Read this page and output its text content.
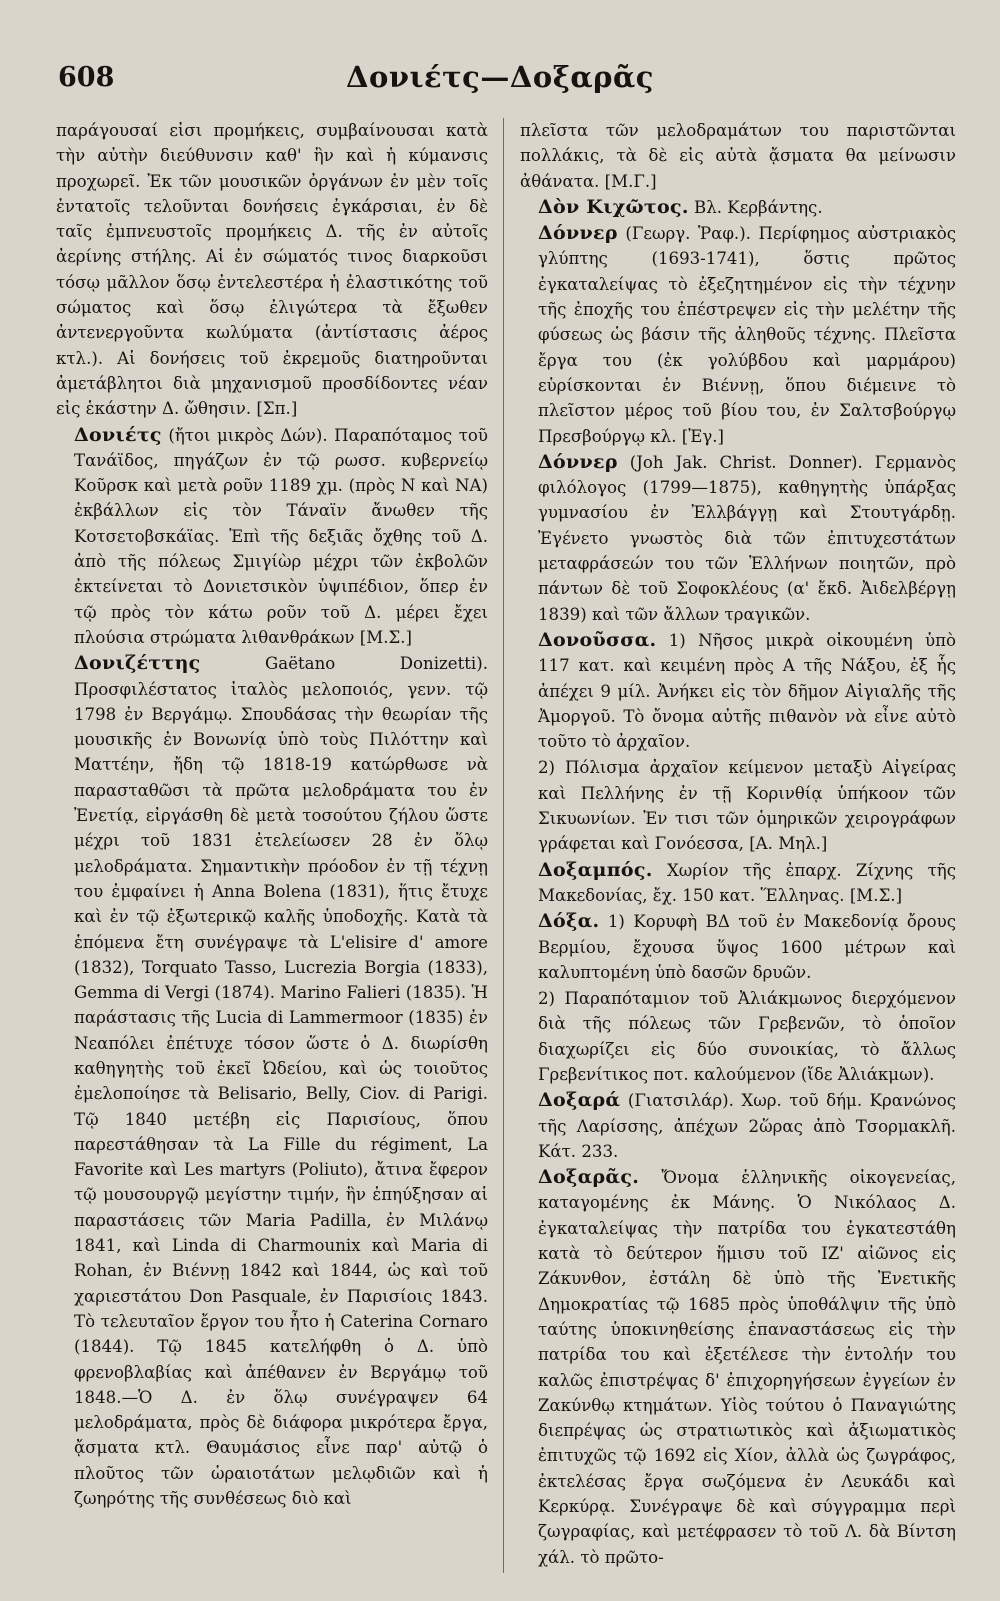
608	Δονιέτς—Δοξαρᾶς

παράγουσαί εἰσι προμήκεις, συμβαίνουσαι κατὰ τὴν αὐτὴν διεύθυνσιν καθ' ἣν καὶ ἡ κύμανσις προχωρεῖ. Ἐκ τῶν μουσικῶν ὀργάνων ἐν μὲν τοῖς ἐντατοῖς τελοῦνται δονήσεις ἐγκάρσιαι, ἐν δὲ ταῖς ἐμπνευστοῖς προμήκεις Δ. τῆς ἐν αὐτοῖς ἀερίνης στήλης. Αἱ ἐν σώματός τινος διαρκοῦσι τόσῳ μᾶλλον ὅσῳ ἐντελεστέρα ἡ ἐλαστικότης τοῦ σώματος καὶ ὅσῳ ἐλιγώτερα τὰ ἔξωθεν ἀντενεργοῦντα κωλύματα (ἀντίστασις ἀέρος κτλ.). Αἱ δονήσεις τοῦ ἐκρεμοῦς διατηροῦνται ἀμετάβλητοι διὰ μηχανισμοῦ προσδίδοντες νέαν εἰς ἑκάστην Δ. ὤθησιν. [Σπ.]

Δονιέτς (ἤτοι μικρὸς Δών). Παραπόταμος τοῦ Τανάϊδος, πηγάζων ἐν τῷ ρωσσ. κυβερνείῳ Κοῦρσκ καὶ μετὰ ροῦν 1189 χμ. (πρὸς Ν καὶ ΝΑ) ἐκβάλλων εἰς τὸν Τάναϊν ἄνωθεν τῆς Κοτσετοβσκάϊας. Ἐπὶ τῆς δεξιᾶς ὄχθης τοῦ Δ. ἀπὸ τῆς πόλεως Σμιγίὼρ μέχρι τῶν ἐκβολῶν ἐκτείνεται τὸ Δονιετσικὸν ὑψιπέδιον, ὅπερ ἐν τῷ πρὸς τὸν κάτω ροῦν τοῦ Δ. μέρει ἔχει πλούσια στρώματα λιθανθράκων [Μ.Σ.]

Δονιζέττης	Gaëtano Donizetti). Προσφιλέστατος ἰταλὸς μελοποιός, γενν. τῷ 1798 ἐν Βεργάμῳ. Σπουδάσας τὴν θεωρίαν τῆς μουσικῆς ἐν Βονωνίᾳ ὑπὸ τοὺς Πιλόττην καὶ Ματτέην, ἤδη τῷ 1818-19 κατώρθωσε νὰ παρασταθῶσι τὰ πρῶτα μελοδράματα του ἐν Ἐνετίᾳ, εἰργάσθη δὲ μετὰ τοσούτου ζήλου ὥστε μέχρι τοῦ 1831 ἐτελείωσεν 28 ἐν ὅλῳ μελοδράματα. Σημαντικὴν πρόοδον ἐν τῇ τέχνῃ του ἐμφαίνει ἡ Anna Bolena (1831), ἥτις ἔτυχε καὶ ἐν τῷ ἐξωτερικῷ καλῆς ὑποδοχῆς. Κατὰ τὰ ἑπόμενα ἔτη συνέγραψε τὰ L'elisire d' amore (1832), Torquato Tasso, Lucrezia Borgia (1833), Gemma di Vergi (1874). Marino Falieri (1835). Ἡ παράστασις τῆς Lucia di Lammermoor (1835) ἐν Νεαπόλει ἐπέτυχε τόσον ὥστε ὁ Δ. διωρίσθη καθηγητὴς τοῦ ἐκεῖ Ὠδείου, καὶ ὡς τοιοῦτος ἐμελοποίησε τὰ Belisario, Belly, Ciov. di Parigi. Τῷ 1840 μετέβη εἰς Παρισίους, ὅπου παρεστάθησαν τὰ La Fille du régiment, La Favorite καὶ Les martyrs (Poliuto), ἄτινα ἔφερον τῷ μουσουργῷ μεγίστην τιμήν, ἣν ἐπηύξησαν αἱ παραστάσεις τῶν Maria Padilla, ἐν Μιλάνῳ 1841, καὶ Linda di Charmounix καὶ Maria di Rohan, ἐν Βιέννῃ 1842 καὶ 1844, ὡς καὶ τοῦ χαριεστάτου Don Pasquale, ἐν Παρισίοις 1843. Τὸ τελευταῖον ἔργον του ἦτο ἡ Caterina Cornaro (1844). Τῷ 1845 κατελήφθη ὁ Δ. ὑπὸ φρενοβλαβίας καὶ ἀπέθανεν ἐν Βεργάμῳ τοῦ 1848.—Ὁ Δ. ἐν ὅλῳ συνέγραψεν 64 μελοδράματα, πρὸς δὲ διάφορα μικρότερα ἔργα, ᾄσματα κτλ. Θαυμάσιος εἶνε παρ' αὐτῷ ὁ πλοῦτος τῶν ὡραιοτάτων μελῳδιῶν καὶ ἡ ζωηρότης τῆς συνθέσεως διὸ καὶ

πλεῖστα τῶν μελοδραμάτων του παριστῶνται πολλάκις, τὰ δὲ εἰς αὐτὰ ᾄσματα θα μείνωσιν ἀθάνατα. [Μ.Γ.]

Δὸν Κιχῶτος. Βλ. Κερβάντης.

Δόννερ (Γεωργ. Ῥαφ.). Περίφημος αὐστριακὸς γλύπτης (1693-1741), ὅστις πρῶτος ἐγκαταλείψας τὸ ἐξεζητημένον εἰς τὴν τέχνην τῆς ἐποχῆς του ἐπέστρεψεν εἰς τὴν μελέτην τῆς φύσεως ὡς βάσιν τῆς ἀληθοῦς τέχνης. Πλεῖστα ἔργα του (ἐκ γολύβδου καὶ μαρμάρου) εὑρίσκονται ἐν Βιέννῃ, ὅπου διέμεινε τὸ πλεῖστον μέρος τοῦ βίου του, ἐν Σαλτσβούργῳ Πρεσβούργῳ κλ. [Ἐγ.]

Δόννερ (Joh Jak. Christ. Donner). Γερμανὸς φιλόλογος (1799—1875), καθηγητὴς ὑπάρξας γυμνασίου ἐν Ἐλλβάγγῃ καὶ Στουτγάρδῃ. Ἐγένετο γνωστὸς διὰ τῶν ἐπιτυχεστάτων μεταφράσεών του τῶν Ἑλλήνων ποιητῶν, πρὸ πάντων δὲ τοῦ Σοφοκλέους (α' ἔκδ. Ἀιδελβέργῃ 1839) καὶ τῶν ἄλλων τραγικῶν.

Δονοῦσσα. 1) Νῆσος μικρὰ οἰκουμένη ὑπὸ 117 κατ. καὶ κειμένη πρὸς Α τῆς Νάξου, ἐξ ἧς ἀπέχει 9 μίλ. Ἀνήκει εἰς τὸν δῆμον Αἰγιαλῆς τῆς Ἀμοργοῦ. Τὸ ὄνομα αὐτῆς πιθανὸν νὰ εἶνε αὐτὸ τοῦτο τὸ ἀρχαῖον.

2) Πόλισμα ἀρχαῖον κείμενον μεταξὺ Αἰγείρας καὶ Πελλήνης ἐν τῇ Κορινθίᾳ ὑπήκοον τῶν Σικυωνίων. Ἐν τισι τῶν ὁμηρικῶν χειρογράφων γράφεται καὶ Γονόεσσα, [Α. Μηλ.]

Δοξαμπός. Χωρίον τῆς ἐπαρχ. Ζίχνης τῆς Μακεδονίας, ἔχ. 150 κατ. Ἕλληνας. [Μ.Σ.]

Δόξα. 1) Κορυφὴ ΒΔ τοῦ ἐν Μακεδονίᾳ ὄρους Βερμίου, ἔχουσα ὕψος 1600 μέτρων καὶ καλυπτομένη ὑπὸ δασῶν δρυῶν.

2) Παραπόταμιον τοῦ Ἀλιάκμωνος διερχόμενον διὰ τῆς πόλεως τῶν Γρεβενῶν, τὸ ὁποῖον διαχωρίζει εἰς δύο συνοικίας, τὸ ἄλλως Γρεβενίτικος ποτ. καλούμενον (ἴδε Ἀλιάκμων).

Δοξαρά (Γιατσιλάρ). Χωρ. τοῦ δήμ. Κρανώνος τῆς Λαρίσσης, ἀπέχων 2ὥρας ἀπὸ Τσορμακλῆ. Κάτ. 233.

Δοξαρᾶς. Ὄνομα ἑλληνικῆς οἰκογενείας, καταγομένης ἐκ Μάνης. Ὁ Νικόλαος Δ. ἐγκαταλείψας τὴν πατρίδα του ἐγκατεστάθη κατὰ τὸ δεύτερον ἥμισυ τοῦ ΙΖ' αἰῶνος εἰς Ζάκυνθον, ἐστάλη δὲ ὑπὸ τῆς Ἐνετικῆς Δημοκρατίας τῷ 1685 πρὸς ὑποθάλψιν τῆς ὑπὸ ταύτης ὑποκινηθείσης ἐπαναστάσεως εἰς τὴν πατρίδα του καὶ ἐξετέλεσε τὴν ἐντολήν του καλῶς ἐπιστρέψας δ' ἐπιχορηγήσεων ἐγγείων ἐν Ζακύνθῳ κτημάτων. Υἱὸς τούτου ὁ Παναγιώτης διεπρέψας ὡς στρατιωτικὸς καὶ ἀξιωματικὸς ἐπιτυχῶς τῷ 1692 εἰς Χίον, ἀλλὰ ὡς ζωγράφος, ἐκτελέσας ἔργα σωζόμενα ἐν Λευκάδι καὶ Κερκύρᾳ. Συνέγραψε δὲ καὶ σύγγραμμα περὶ ζωγραφίας, καὶ μετέφρασεν τὸ τοῦ Λ. δὰ Βίντση χάλ. τὸ πρῶτο-
